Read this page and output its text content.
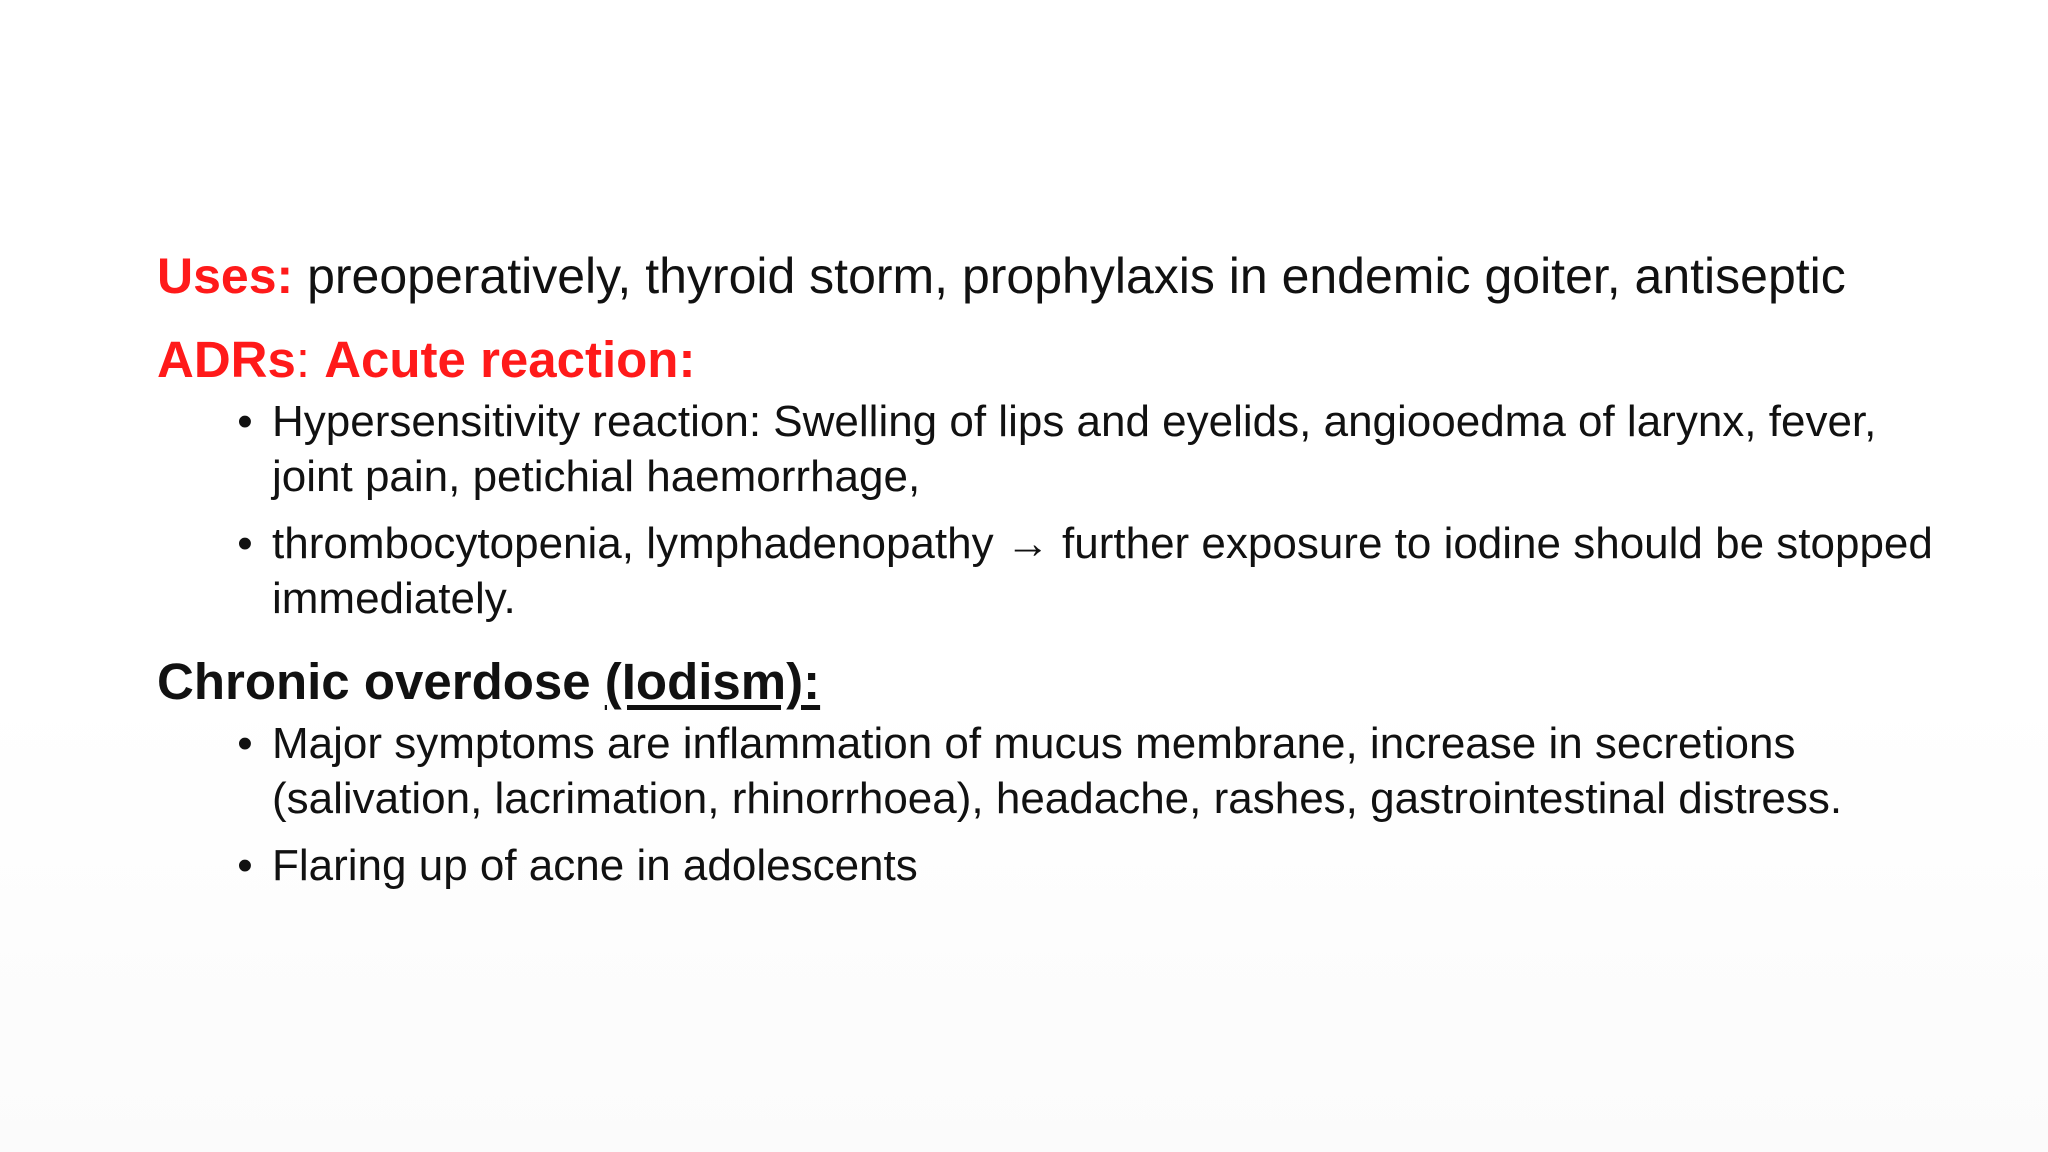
Uses: preoperatively, thyroid storm, prophylaxis in endemic goiter, antiseptic

ADRs: Acute reaction:
• Hypersensitivity reaction: Swelling of lips and eyelids, angiooedma of larynx, fever, joint pain, petichial haemorrhage,
• thrombocytopenia, lymphadenopathy → further exposure to iodine should be stopped immediately.
Chronic overdose (Iodism):
• Major symptoms are inflammation of mucus membrane, increase in secretions (salivation, lacrimation, rhinorrhoea), headache, rashes, gastrointestinal distress.
• Flaring up of acne in adolescents
